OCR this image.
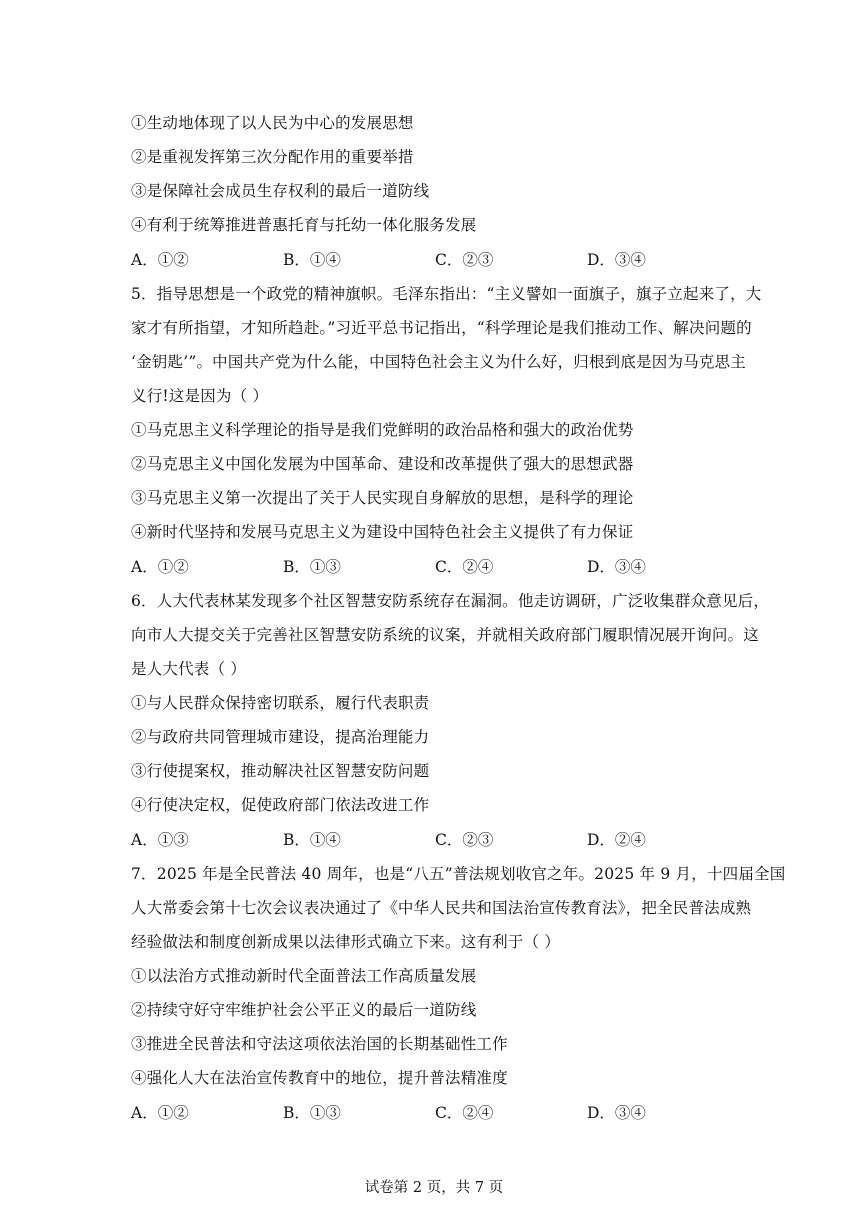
①生动地体现了以人民为中心的发展思想
②是重视发挥第三次分配作用的重要举措
③是保障社会成员生存权利的最后一道防线
④有利于统筹推进普惠托育与托幼一体化服务发展
A．①②	B．①④	C．②③	D．③④
5．指导思想是一个政党的精神旗帜。毛泽东指出：“主义譬如一面旗子，旗子立起来了，大
家才有所指望，才知所趋赴。”习近平总书记指出，“科学理论是我们推动工作、解决问题的
‘金钥匙’”。中国共产党为什么能，中国特色社会主义为什么好，归根到底是因为马克思主
义行!这是因为（ ）
①马克思主义科学理论的指导是我们党鲜明的政治品格和强大的政治优势
②马克思主义中国化发展为中国革命、建设和改革提供了强大的思想武器
③马克思主义第一次提出了关于人民实现自身解放的思想，是科学的理论
④新时代坚持和发展马克思主义为建设中国特色社会主义提供了有力保证
A．①②	B．①③	C．②④	D．③④
6．人大代表林某发现多个社区智慧安防系统存在漏洞。他走访调研，广泛收集群众意见后，
向市人大提交关于完善社区智慧安防系统的议案，并就相关政府部门履职情况展开询问。这
是人大代表（ ）
①与人民群众保持密切联系，履行代表职责
②与政府共同管理城市建设，提高治理能力
③行使提案权，推动解决社区智慧安防问题
④行使决定权，促使政府部门依法改进工作
A．①③	B．①④	C．②③	D．②④
7．2025 年是全民普法 40 周年，也是“八五”普法规划收官之年。2025 年 9 月，十四届全国
人大常委会第十七次会议表决通过了《中华人民共和国法治宣传教育法》，把全民普法成熟
经验做法和制度创新成果以法律形式确立下来。这有利于（ ）
①以法治方式推动新时代全面普法工作高质量发展
②持续守好守牢维护社会公平正义的最后一道防线
③推进全民普法和守法这项依法治国的长期基础性工作
④强化人大在法治宣传教育中的地位，提升普法精准度
A．①②	B．①③	C．②④	D．③④
试卷第 2 页，共 7 页
